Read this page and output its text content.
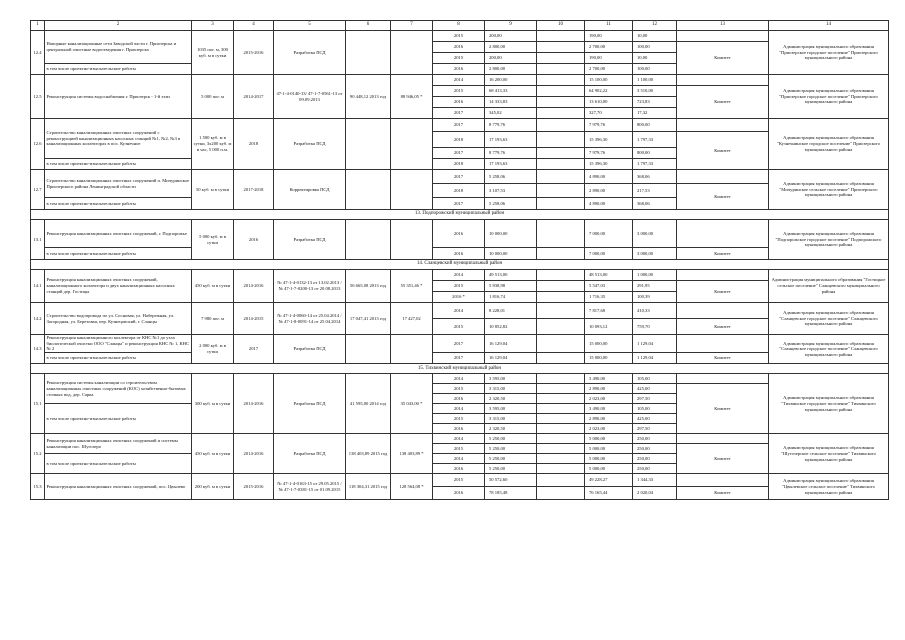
1	2	3	4	5	6	7	8	9	10	11	12	13	14
12.4	Напорные канализационные сети Заводской части г. Приозерска и центральной очистные водоотведения г. Приозерска	1035 пог. м, 300 куб. м в сутки	2015-2016	Разработка ПСД			2015	200,00		190,00	10,00		Администрация муниципального образования "Приозерское городское поселение" Приозерского муниципального района
							2016	2 800,00		2 700,00	100,00	Комитет	
							2015	200,00		190,00	10,00		
	в том числе проектно-изыскательские работы						2016	2 800,00		2 700,00	100,00		
12.5	Реконструкция системы водоснабжения г. Приозерск - 1-й этап	5 000 пог. м	2014-2017	47-1-4-0140-13/ 47-1-7-0561-13 от 09.09.2013	90 448,12 2013 год	88 946,05 *	2014	16 200,00		15 100,00	1 100,00		Администрация муниципального образования "Приозерское городское поселение" Приозерского муниципального района
							2015	68 413,33		64 902,22	3 510,00	Комитет	
							2016	14 333,83		13 610,00	723,83		
							2017	345,02		327,70	17,32		
12.6	Строительство канализационных очистных сооружений с реконструкцией канализационных насосных станций №1, №2, №3 в канализационных коллекторах в пос. Кузнечное	1 500 куб. м в сутки, 3х200 куб. м в час, 5 000 п.м.	2018	Разработка ПСД			2017	8 779,76		7 979,76	800,00		Администрация муниципального образования "Кузнечнинское городское поселение" Приозерского муниципального района
							2018	17 193,63		15 396,30	1 797,33	Комитет	
							2017	8 779,76		7 979,76	800,00		
	в том числе проектно-изыскательские работы						2018	17 193,63		15 396,30	1 797,33		
12.7	Строительство канализационных очистных сооружений п. Мичуринское Приозерского района Ленинградской области	50 куб. м в сутки	2017-2018	Корректировка ПСД			2017	5 258,06		4 890,00	368,06		Администрация муниципального образования "Мичуринское сельское поселение" Приозерского муниципального района
							2018	3 107,53		2 890,00	217,53	Комитет	
	в том числе проектно-изыскательские работы						2017	5 258,06		4 890,00	368,06		
13. Подпорожский муниципальный район													
13.1	Реконструкция канализационных очистных сооружений, г. Подпорожье	5 000 куб. м в сутки	2016	Разработка ПСД			2016	10 000,00		7 000,00	3 000,00		Администрация муниципального образования "Подпорожское городское поселение" Подпорожского муниципального района
	в том числе проектно-изыскательские работы						2016	10 000,00		7 000,00	3 000,00	Комитет	
14. Сланцевский муниципальный район													
14.1	Реконструкция канализационных очистных сооружений, канализационного коллектора и двух канализационных насосных станций дер. Гостицы	450 куб. м в сутки	2014-2016	№ 47-1-4-0132-13 от 13.02.2013 / № 47-1-7-0200-13 от 20.08.2013	56 665,08 2013 год	55 351,46 *	2014	49 513,00		48 513,00	1 000,00		Администрация муниципального образования "Гостицкое сельское поселение" Сланцевского муниципального района
							2015	5 838,98		5 547,03	291,95	Комитет	
							2016 *	1 816,74		1 716,35	100,39		
14.2	Строительство водопровода по ул. Сосновая, ул. Набережная, ул. Загородная, ул. Березовая, пер. Кузнецовский, г. Сланцы	7 980 пог. м	2014-2015	№ 47-1-4-0060-14 от 25.04.2014 / № 47-1-8-0091-14 от 25.04.2014	17 047,41 2013 год	17 427,02	2014	8 228,01		7 817,68	410,33		Администрация муниципального образования "Сланцевское городское поселение" Сланцевского муниципального района
							2015	10 852,82		10 093,12	759,70	Комитет	
14.3	Реконструкция канализационного коллектора от КНС №1 до узла биологической очистки ООО "Сланцы" и реконструкция КНС № 1, КНС № 2	2 000 куб. м в сутки	2017	Разработка ПСД			2017	16 129,04		15 000,00	1 129,04		Администрация муниципального образования "Сланцевское городское поселение" Сланцевского муниципального района
	в том числе проектно-изыскательские работы						2017	16 129,04		15 000,00	1 129,04	Комитет	
15. Тихвинский муниципальный район													
15.1	Реконструкция системы канализации со строительством канализационных очистных сооружений (КОС) хозяйственно-бытовых сточных вод, дер. Сарка	300 куб. м в сутки	2014-2016	Разработка ПСД	41 595,00 2014 год	35 043,00 *	2014	3 595,00		3 490,00	105,00		Администрация муниципального образования "Тихвинское городское поселение" Тихвинского муниципального района
							2015	3 315,00		2 890,00	425,00	Комитет	
							2016	2 320,50		2 023,00	297,50		
	в том числе проектно-изыскательские работы						2014	3 595,00		3 490,00	105,00		
							2015	3 315,00		2 890,00	425,00		
							2016	2 320,50		2 023,00	297,50		
15.2	Реконструкция канализационных очистных сооружений и системы канализации пос. Шугозеро	450 куб. м в сутки	2014-2016	Разработка ПСД	138 403,89 2015 год	138 403,89 *	2014	5 250,00		5 000,00	250,00		Администрация муниципального образования "Шугозерское сельское поселение" Тихвинского муниципального района
							2015	5 250,00		5 000,00	250,00	Комитет	
	в том числе проектно-изыскательские работы						2014	5 250,00		5 000,00	250,00		
							2016	5 250,00		5 000,00	250,00		
15.3	Реконструкция канализационных очистных сооружений, пос. Цвылево	200 куб. м в сутки	2015-2016	№ 47-1-4-0163-15 от 29.05.2015 / № 47-1-7-0381-15 от 01.09.2015	118 304,31 2015 год	128 564,08 *	2015	50 572,60		49 228,27	1 344,33		Администрация муниципального образования "Цвылевское сельское поселение" Тихвинского муниципального района
							2016	78 185,48		76 165,44	2 020,04	Комитет	
